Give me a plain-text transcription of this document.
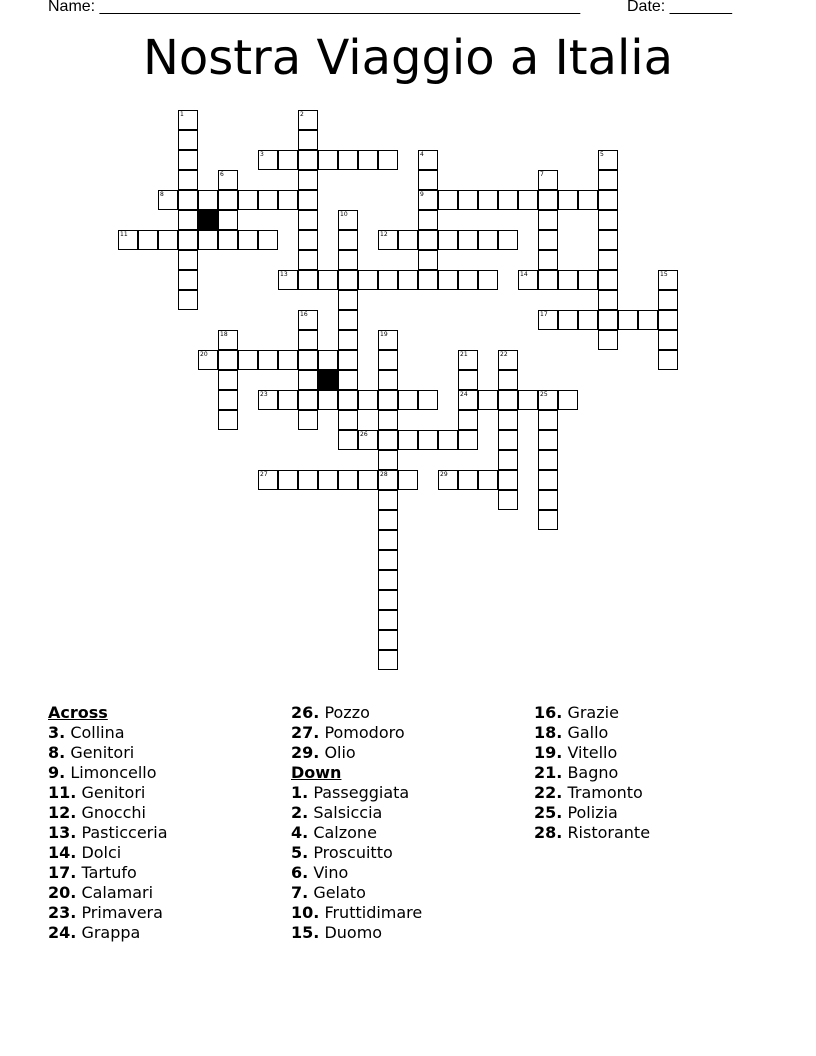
Name: ______________________________________________________	Date: _______
Nostra Viaggio a Italia
1	2
3	4	5
6	7
8	9
10
11	12
13	14	15
16	17
18	19
20	21	22
23	24	25
26
27	28	29
Across
3. Collina
8. Genitori
9. Limoncello
11. Genitori
12. Gnocchi
13. Pasticceria
14. Dolci
17. Tartufo
20. Calamari
23. Primavera
24. Grappa
26. Pozzo
27. Pomodoro
29. Olio
Down
1. Passeggiata
2. Salsiccia
4. Calzone
5. Proscuitto
6. Vino
7. Gelato
10. Fruttidimare
15. Duomo
16. Grazie
18. Gallo
19. Vitello
21. Bagno
22. Tramonto
25. Polizia
28. Ristorante
